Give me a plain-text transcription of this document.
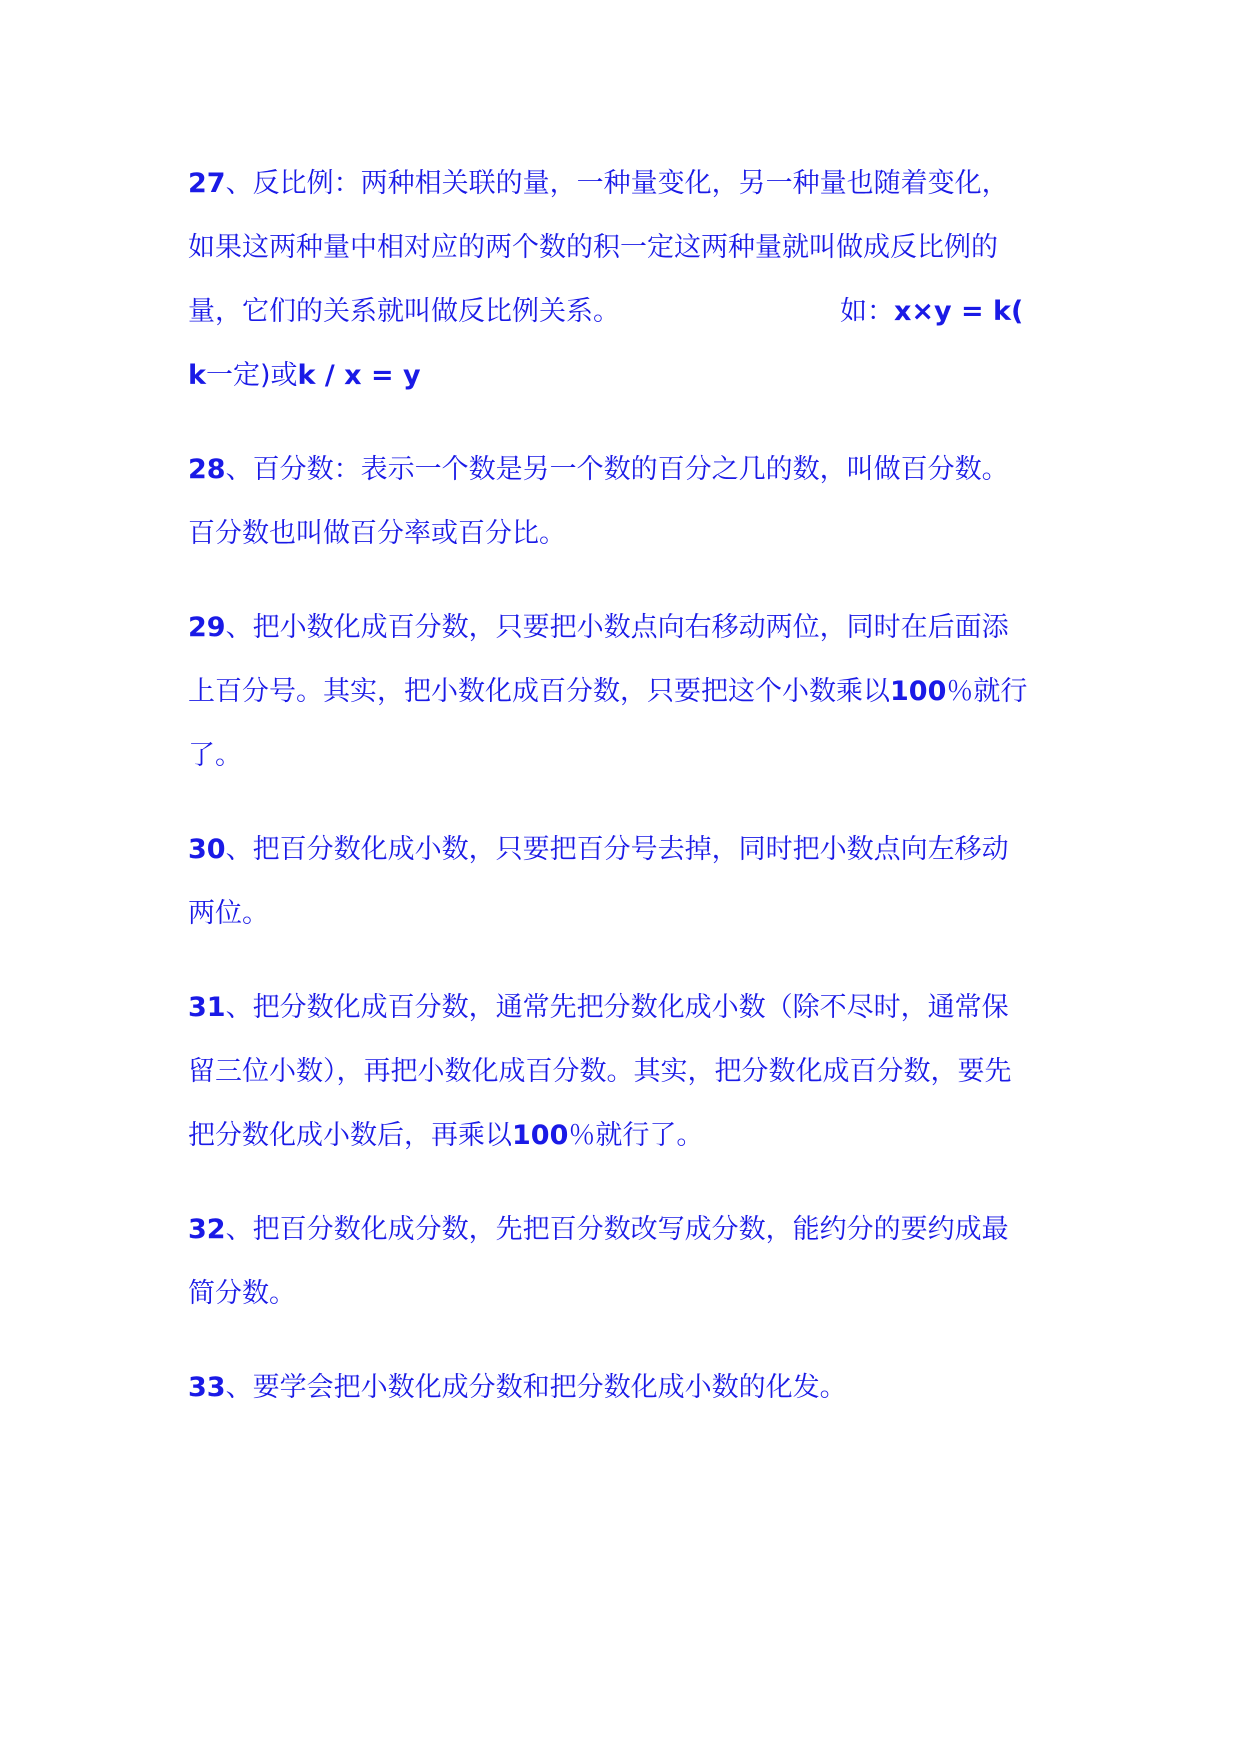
27、反比例：两种相关联的量，一种量变化，另一种量也随着变化，
如果这两种量中相对应的两个数的积一定这两种量就叫做成反比例的
量，它们的关系就叫做反比例关系。	如：x×y = k(
k一定)或k / x = y
28、百分数：表示一个数是另一个数的百分之几的数，叫做百分数。
百分数也叫做百分率或百分比。
29、把小数化成百分数，只要把小数点向右移动两位，同时在后面添
上百分号。其实，把小数化成百分数，只要把这个小数乘以100％就行
了。
30、把百分数化成小数，只要把百分号去掉，同时把小数点向左移动
两位。
31、把分数化成百分数，通常先把分数化成小数（除不尽时，通常保
留三位小数），再把小数化成百分数。其实，把分数化成百分数，要先
把分数化成小数后，再乘以100％就行了。
32、把百分数化成分数，先把百分数改写成分数，能约分的要约成最
简分数。
33、要学会把小数化成分数和把分数化成小数的化发。
